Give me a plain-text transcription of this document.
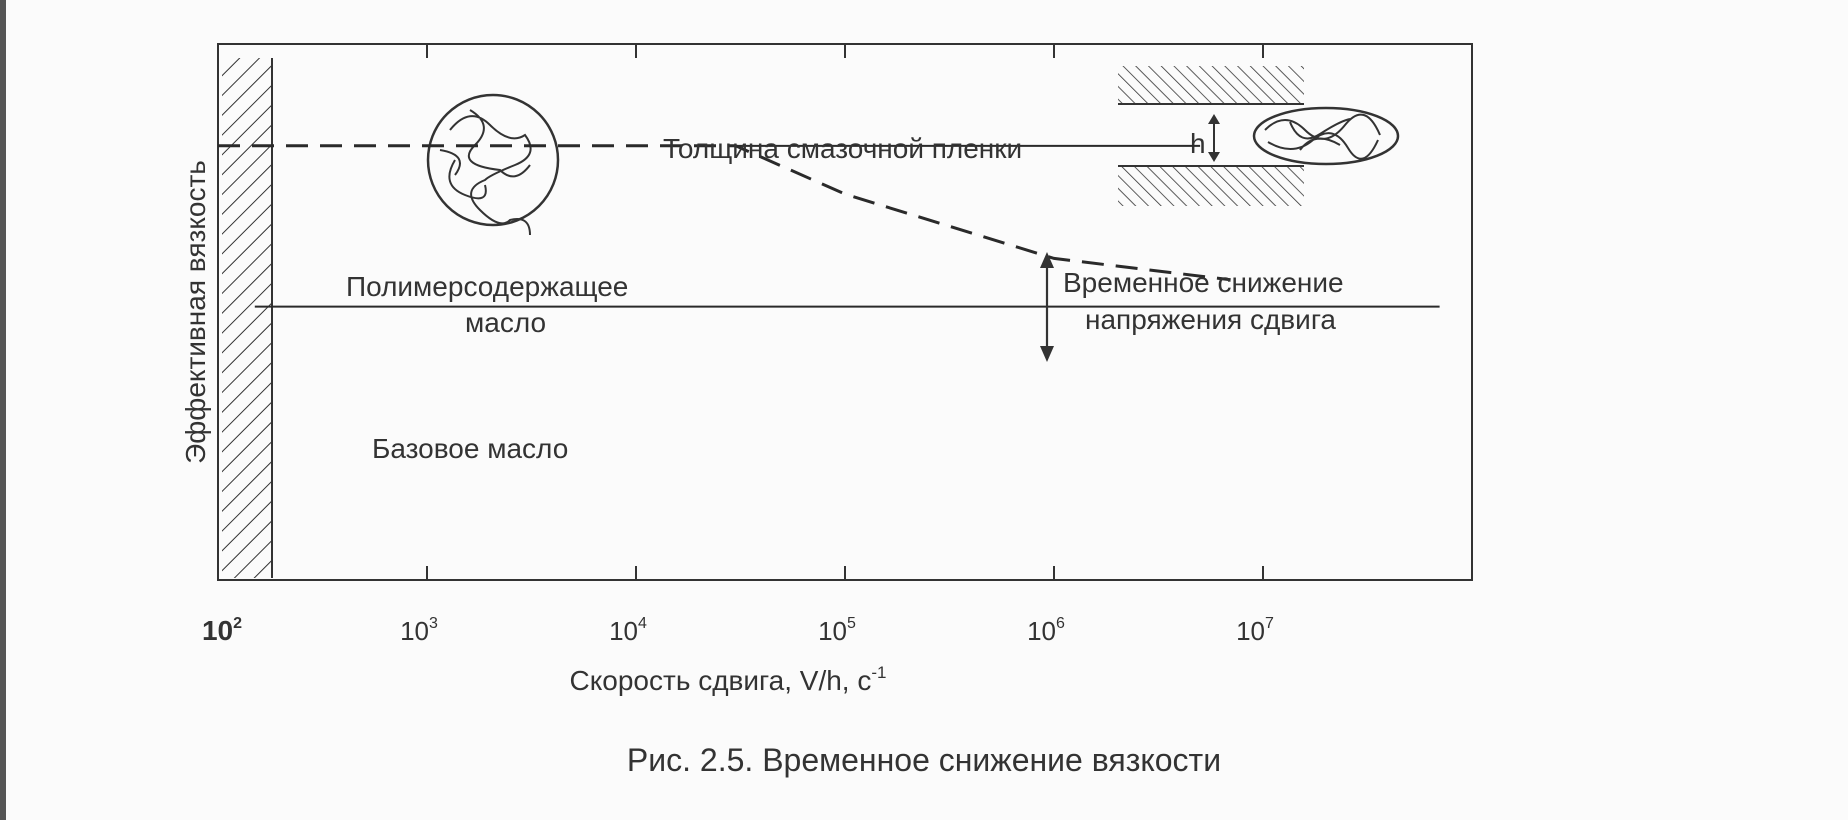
h
Толщина смазочной пленки
Полимерсодержащее
масло
Базовое масло
Временное снижение
напряжения сдвига
Эффективная вязкость
Скорость сдвига, V/h, $с^{-1}$
$10^2$	$10^3$	$10^4$	$10^5$	$10^6$	$10^7$
Рис. 2.5. Временное снижение вязкости
